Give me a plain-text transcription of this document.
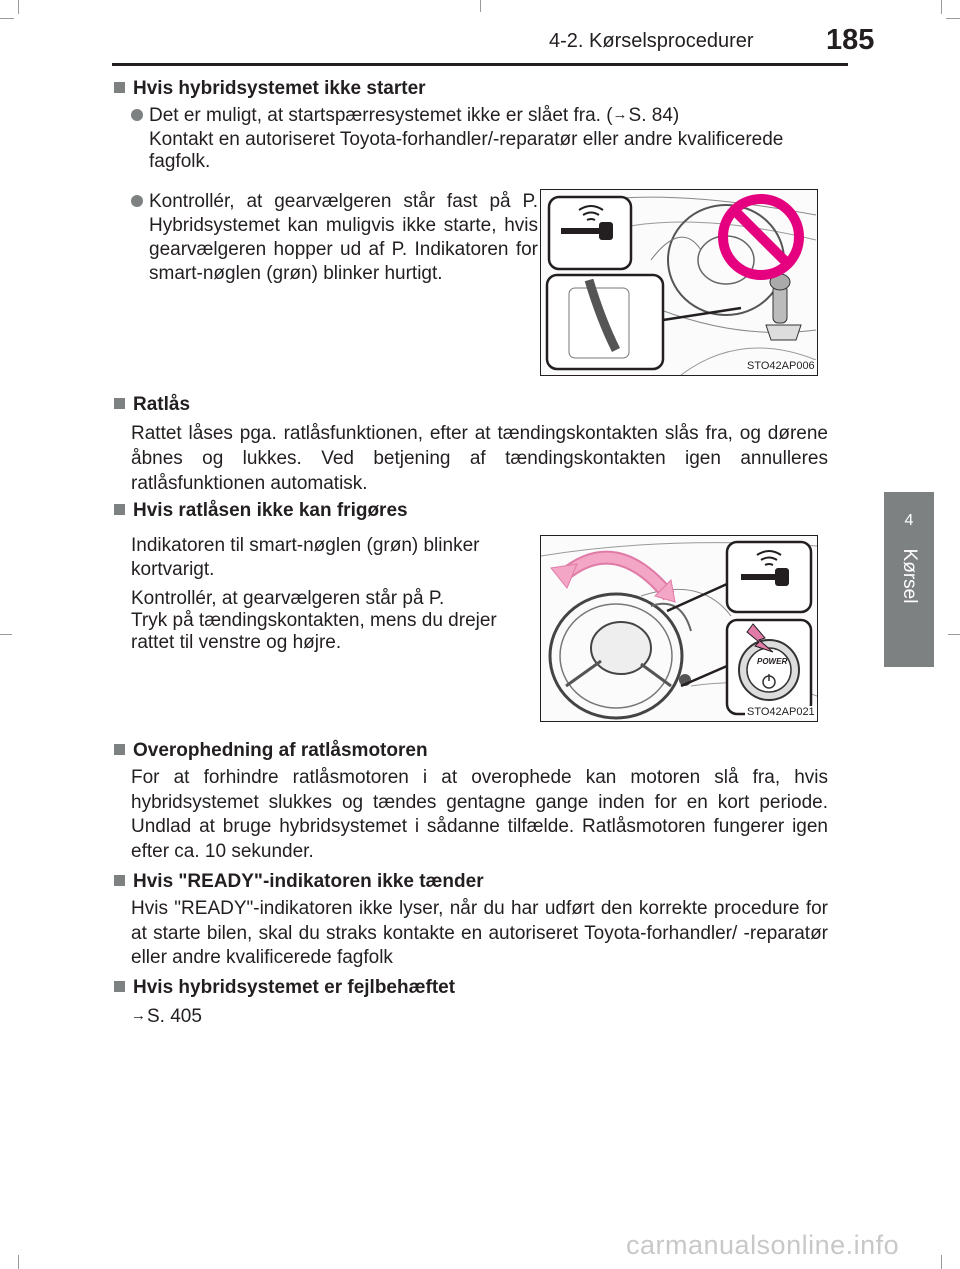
4-2. Kørselsprocedurer 185
4
Kørsel
Hvis hybridsystemet ikke starter
Det er muligt, at startspærresystemet ikke er slået fra. (→S. 84)
Kontakt en autoriseret Toyota-forhandler/-reparatør eller andre kvalificerede fagfolk.
Kontrollér, at gearvælgeren står fast på P. Hybridsystemet kan muligvis ikke starte, hvis gearvælgeren hopper ud af P. Indikatoren for smart-nøglen (grøn) blinker hurtigt.
STO42AP006
Ratlås
Rattet låses pga. ratlåsfunktionen, efter at tændingskontakten slås fra, og dørene åbnes og lukkes. Ved betjening af tændingskontakten igen annulleres ratlåsfunktionen automatisk.
Hvis ratlåsen ikke kan frigøres
Indikatoren til smart-nøglen (grøn) blinker kortvarigt.
Kontrollér, at gearvælgeren står på P.
Tryk på tændingskontakten, mens du drejer rattet til venstre og højre.
POWER
STO42AP021
Overophedning af ratlåsmotoren
For at forhindre ratlåsmotoren i at overophede kan motoren slå fra, hvis hybridsystemet slukkes og tændes gentagne gange inden for en kort periode. Undlad at bruge hybridsystemet i sådanne tilfælde. Ratlåsmotoren fungerer igen efter ca. 10 sekunder.
Hvis "READY"-indikatoren ikke tænder
Hvis "READY"-indikatoren ikke lyser, når du har udført den korrekte procedure for at starte bilen, skal du straks kontakte en autoriseret Toyota-forhandler/ -reparatør eller andre kvalificerede fagfolk
Hvis hybridsystemet er fejlbehæftet
→S. 405
carmanualsonline.info
